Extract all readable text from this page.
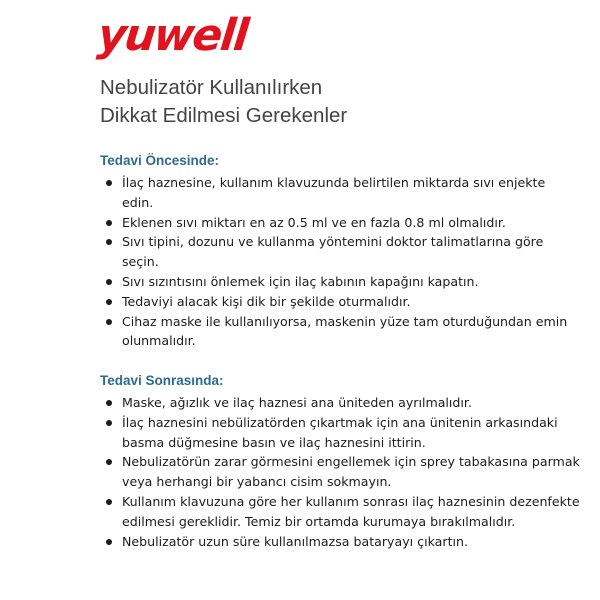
yuwell
Nebulizatör Kullanılırken
Dikkat Edilmesi Gerekenler
Tedavi Öncesinde:
İlaç haznesine, kullanım klavuzunda belirtilen miktarda sıvı enjekte edin.
Eklenen sıvı miktarı en az 0.5 ml ve en fazla 0.8 ml olmalıdır.
Sıvı tipini, dozunu ve kullanma yöntemini doktor talimatlarına göre seçin.
Sıvı sızıntısını önlemek için ilaç kabının kapağını kapatın.
Tedaviyi alacak kişi dik bir şekilde oturmalıdır.
Cihaz maske ile kullanılıyorsa, maskenin yüze tam oturduğundan emin olunmalıdır.
Tedavi Sonrasında:
Maske, ağızlık ve ilaç haznesi ana üniteden ayrılmalıdır.
İlaç haznesini nebülizatörden çıkartmak için ana ünitenin arkasındaki basma düğmesine basın ve ilaç haznesini ittirin.
Nebulizatörün zarar görmesini engellemek için sprey tabakasına parmak veya herhangi bir yabancı cisim sokmayın.
Kullanım klavuzuna göre her kullanım sonrası ilaç haznesinin dezenfekte edilmesi gereklidir. Temiz bir ortamda kurumaya bırakılmalıdır.
Nebulizatör uzun süre kullanılmazsa bataryayı çıkartın.
